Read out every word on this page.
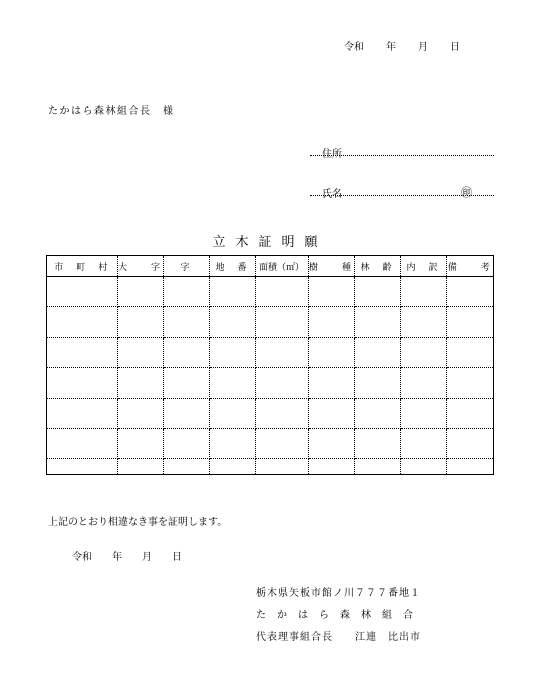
令和 年 月 日
たかはら森林組合長　様
住所
氏名	㊞
立木証明願
市　町　村	大　　字	字	地　番	面積（㎡）	樹　　種	林　齢	内　訳	備　　考

上記のとおり相違なき事を証明します。
令和　　年　　月　　日
栃木県矢板市館ノ川７７７番地１
たかはら森林組合
代表理事組合長　　江連　比出市
